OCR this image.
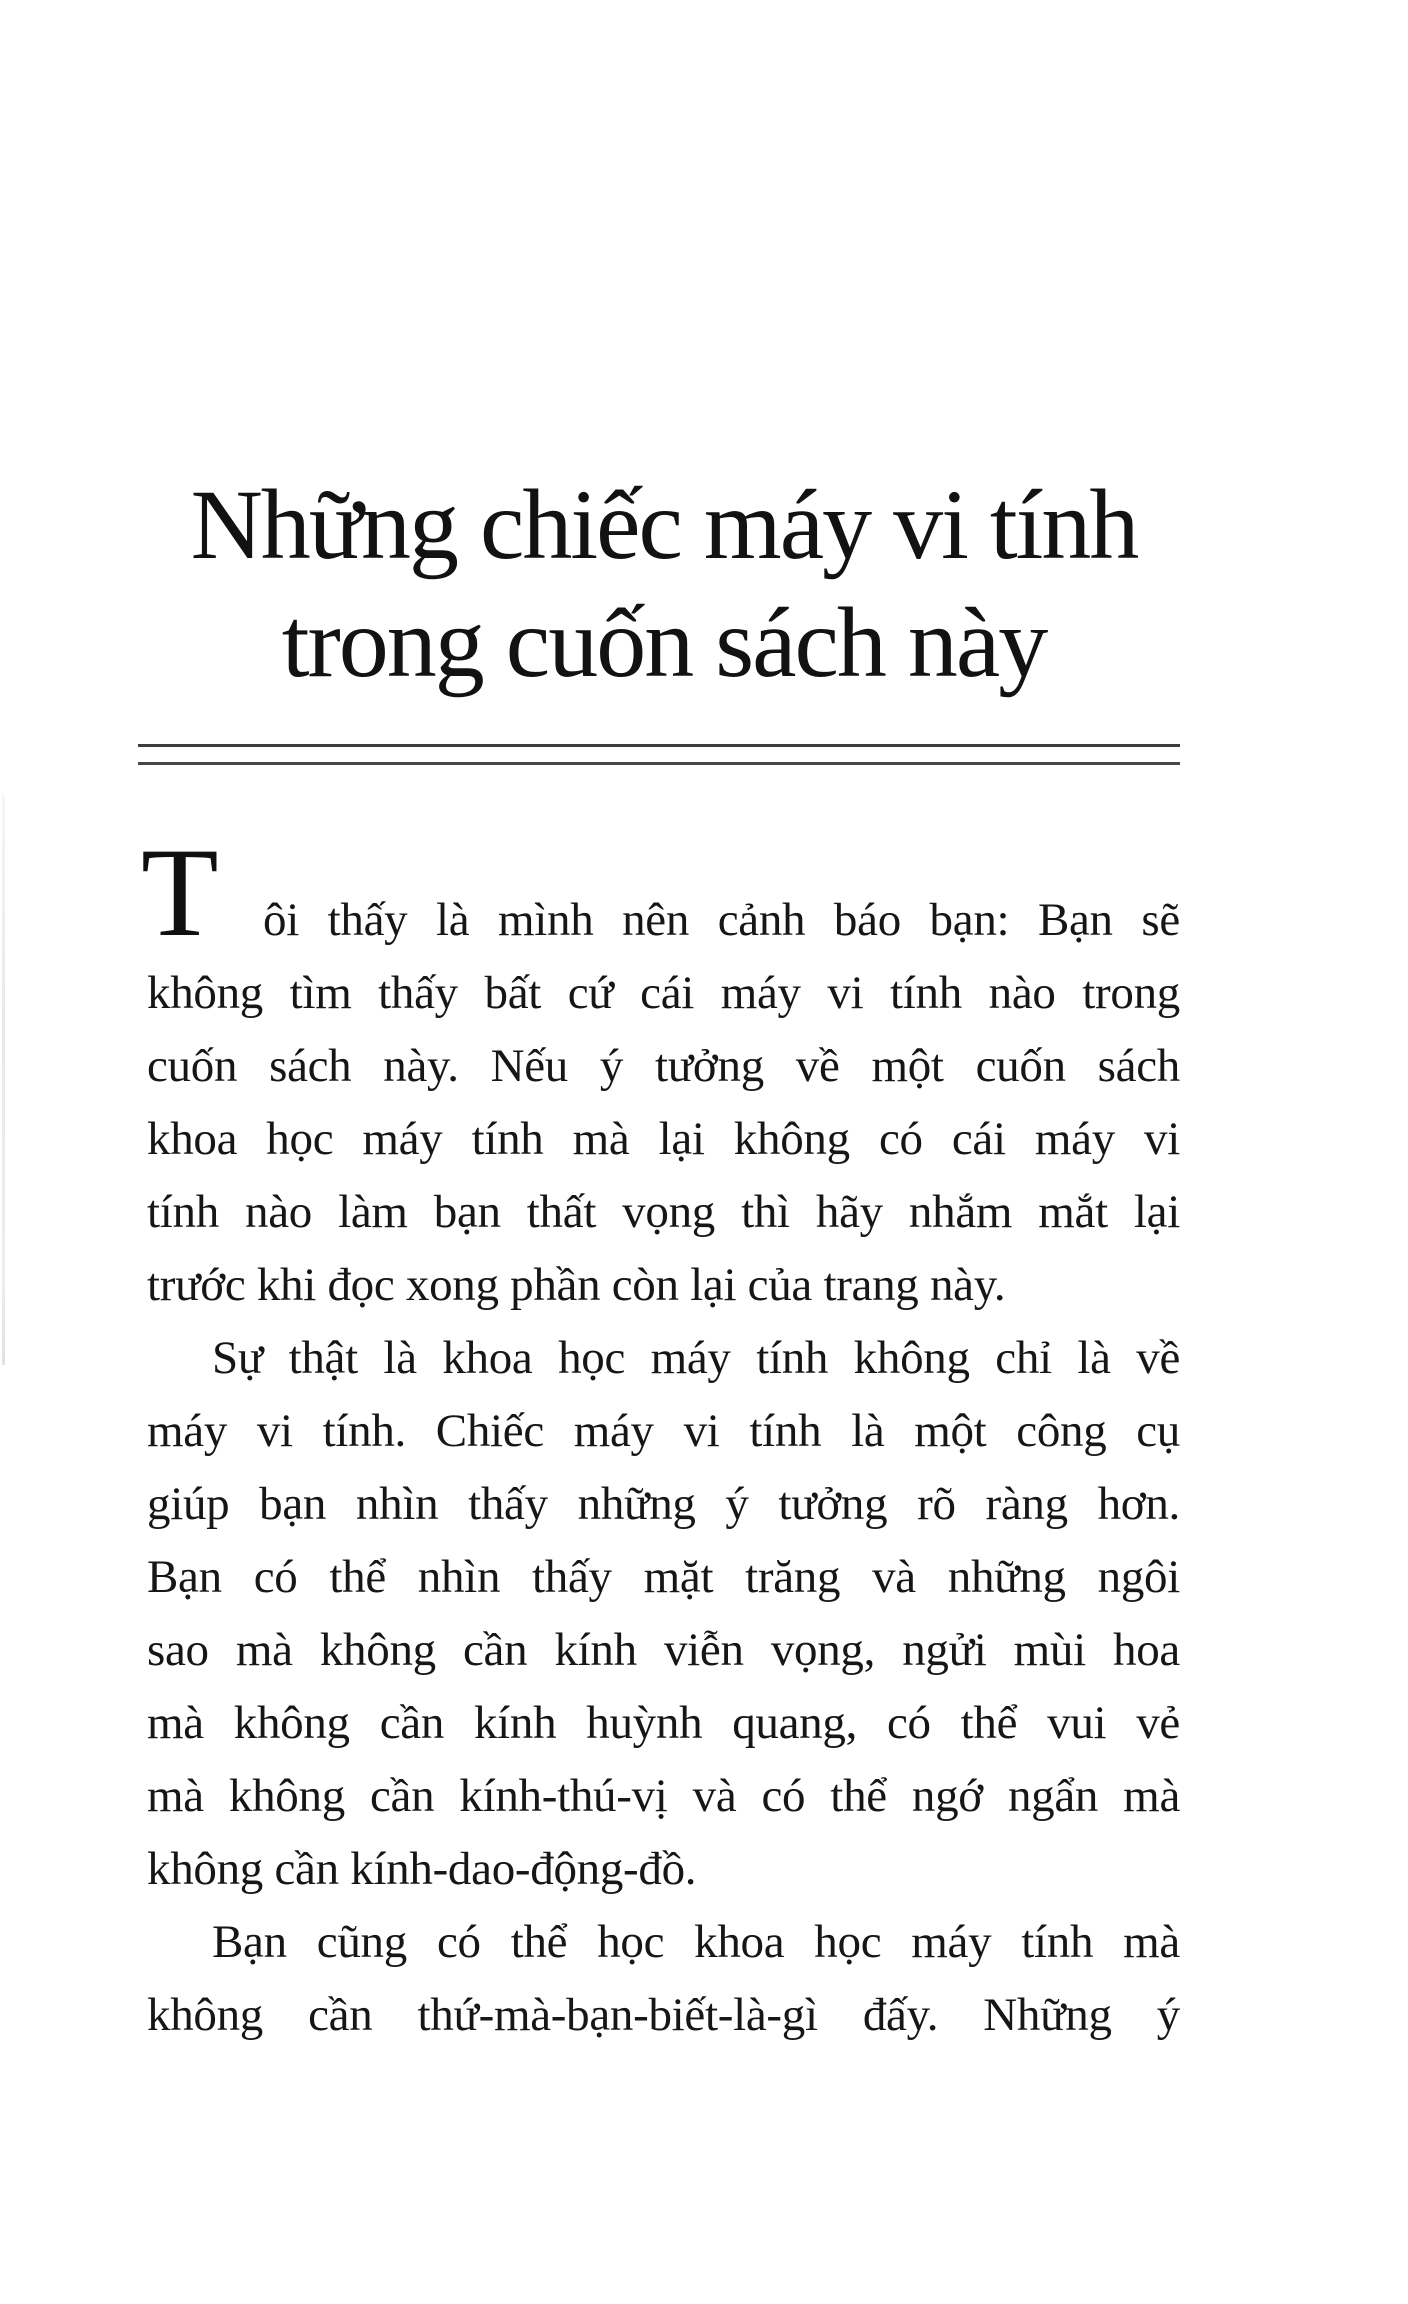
Những chiếc máy vi tính
trong cuốn sách này
T ôi thấy là mình nên cảnh báo bạn: Bạn sẽ
không tìm thấy bất cứ cái máy vi tính nào trong
cuốn sách này. Nếu ý tưởng về một cuốn sách
khoa học máy tính mà lại không có cái máy vi
tính nào làm bạn thất vọng thì hãy nhắm mắt lại
trước khi đọc xong phần còn lại của trang này.
Sự thật là khoa học máy tính không chỉ là về
máy vi tính. Chiếc máy vi tính là một công cụ
giúp bạn nhìn thấy những ý tưởng rõ ràng hơn.
Bạn có thể nhìn thấy mặt trăng và những ngôi
sao mà không cần kính viễn vọng, ngửi mùi hoa
mà không cần kính huỳnh quang, có thể vui vẻ
mà không cần kính-thú-vị và có thể ngớ ngẩn mà
không cần kính-dao-động-đồ.
Bạn cũng có thể học khoa học máy tính mà
không cần thứ-mà-bạn-biết-là-gì đấy. Những ý
